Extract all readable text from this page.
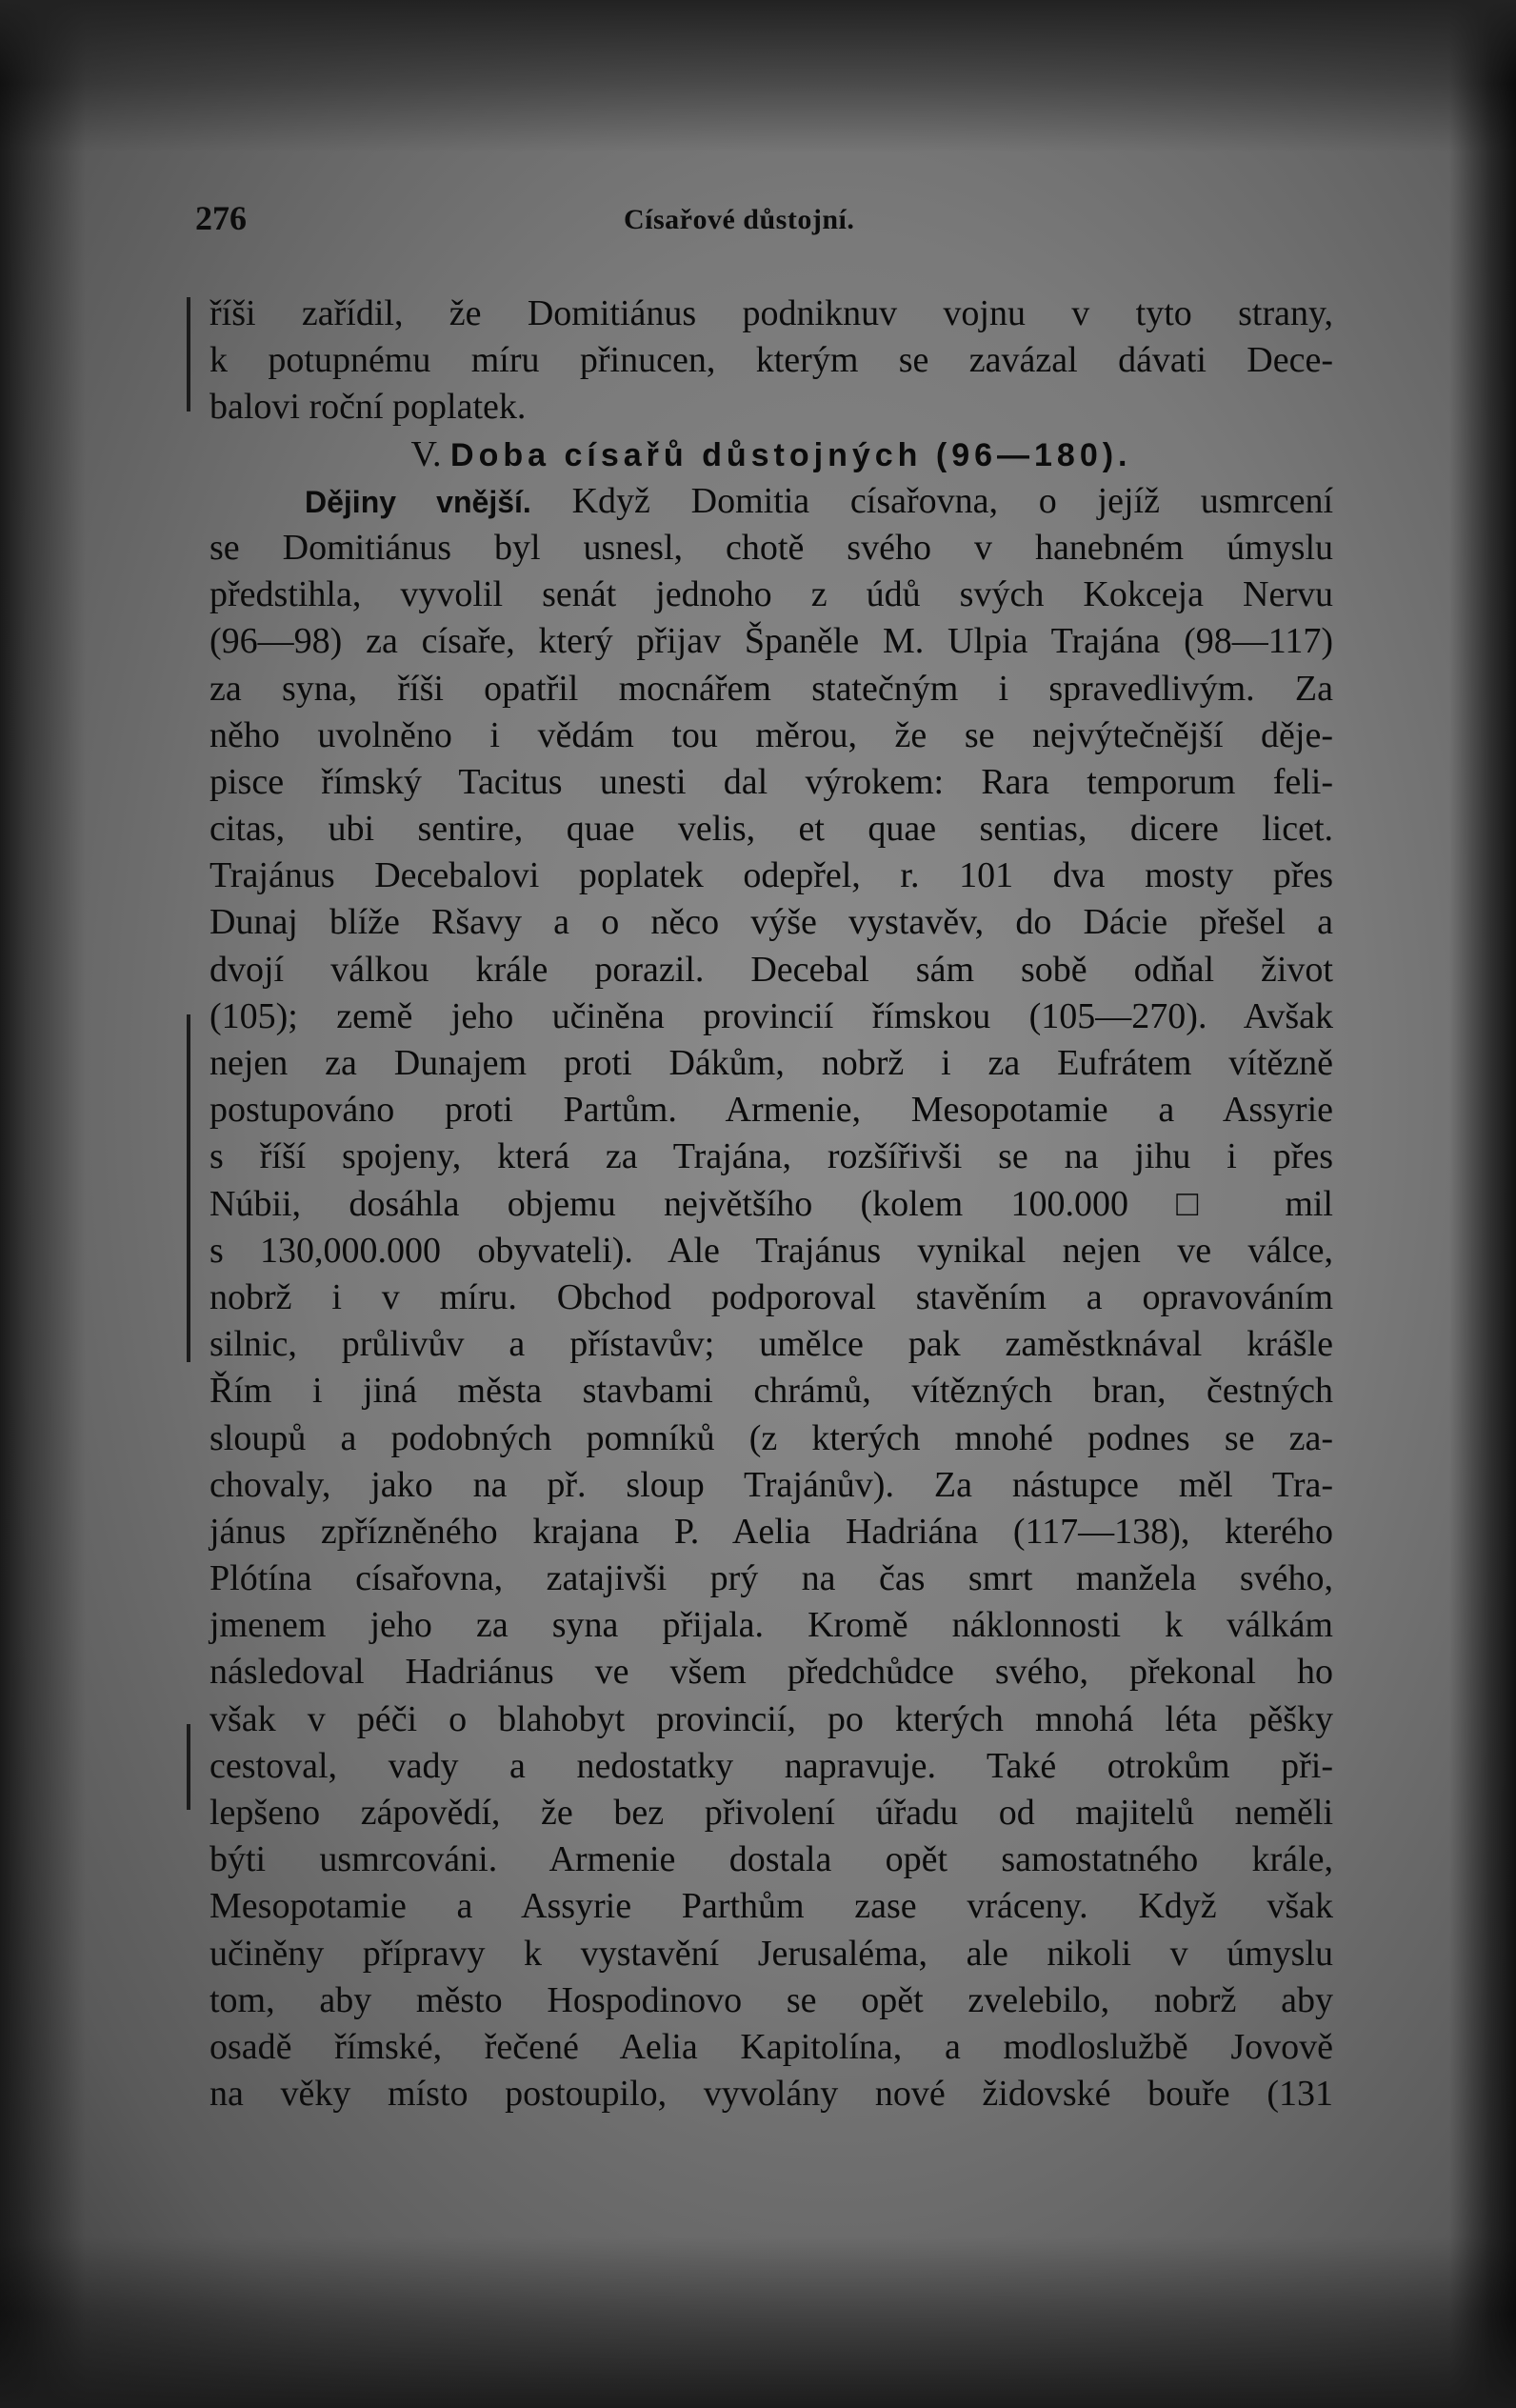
276	Císařové důstojní.
říši zařídil, že Domitiánus podniknuv vojnu v tyto strany,
k potupnému míru přinucen, kterým se zavázal dávati Dece-
balovi roční poplatek.
V. Doba císařů důstojných (96—180).
Dějiny vnější. Když Domitia císařovna, o jejíž usmrcení
se Domitiánus byl usnesl, chotě svého v hanebném úmyslu
předstihla, vyvolil senát jednoho z údů svých Kokceja Nervu
(96—98) za císaře, který přijav Španěle M. Ulpia Trajána (98—117)
za syna, říši opatřil mocnářem statečným i spravedlivým. Za
něho uvolněno i vědám tou měrou, že se nejvýtečnější děje-
pisce římský Tacitus unesti dal výrokem: Rara temporum feli-
citas, ubi sentire, quae velis, et quae sentias, dicere licet.
Trajánus Decebalovi poplatek odepřel, r. 101 dva mosty přes
Dunaj blíže Ršavy a o něco výše vystavěv, do Dácie přešel a
dvojí válkou krále porazil. Decebal sám sobě odňal život
(105); země jeho učiněna provincií římskou (105—270). Avšak
nejen za Dunajem proti Dákům, nobrž i za Eufrátem vítězně
postupováno proti Partům. Armenie, Mesopotamie a Assyrie
s říší spojeny, která za Trajána, rozšířivši se na jihu i přes
Núbii, dosáhla objemu největšího (kolem 100.000 □ mil
s 130,000.000 obyvateli). Ale Trajánus vynikal nejen ve válce,
nobrž i v míru. Obchod podporoval stavěním a opravováním
silnic, průlivův a přístavův; umělce pak zaměstknával krášle
Řím i jiná města stavbami chrámů, vítězných bran, čestných
sloupů a podobných pomníků (z kterých mnohé podnes se za-
chovaly, jako na př. sloup Trajánův). Za nástupce měl Tra-
jánus zpřízněného krajana P. Aelia Hadriána (117—138), kterého
Plótína císařovna, zatajivši prý na čas smrt manžela svého,
jmenem jeho za syna přijala. Kromě náklonnosti k válkám
následoval Hadriánus ve všem předchůdce svého, překonal ho
však v péči o blahobyt provincií, po kterých mnohá léta pěšky
cestoval, vady a nedostatky napravuje. Také otrokům při-
lepšeno zápovědí, že bez přivolení úřadu od majitelů neměli
býti usmrcováni. Armenie dostala opět samostatného krále,
Mesopotamie a Assyrie Parthům zase vráceny. Když však
učiněny přípravy k vystavění Jerusaléma, ale nikoli v úmyslu
tom, aby město Hospodinovo se opět zvelebilo, nobrž aby
osadě římské, řečené Aelia Kapitolína, a modloslužbě Jovově
na věky místo postoupilo, vyvolány nové židovské bouře (131
